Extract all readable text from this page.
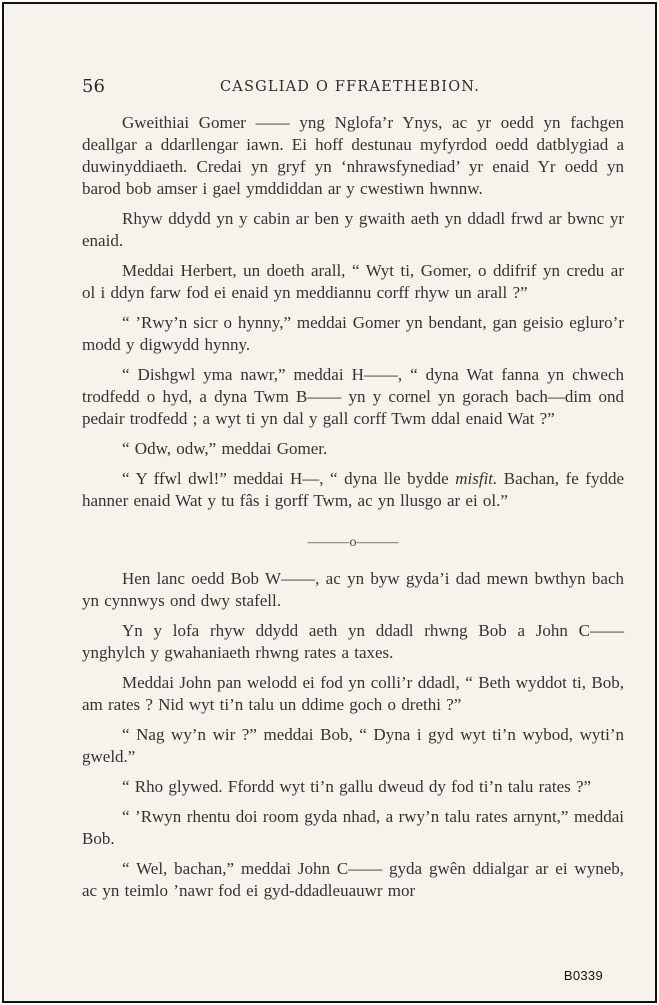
56	CASGLIAD O FFRAETHEBION.

Gweithiai Gomer —— yng Nglofa’r Ynys, ac yr oedd yn fachgen deallgar a ddarllengar iawn. Ei hoff destunau myfyrdod oedd datblygiad a duwinyddiaeth. Credai yn gryf yn ‘nhrawsfynediad’ yr enaid Yr oedd yn barod bob amser i gael ymddiddan ar y cwestiwn hwnnw.

Rhyw ddydd yn y cabin ar ben y gwaith aeth yn ddadl frwd ar bwnc yr enaid.

Meddai Herbert, un doeth arall, “ Wyt ti, Gomer, o ddifrif yn credu ar ol i ddyn farw fod ei enaid yn meddiannu corff rhyw un arall ?”

“ ’Rwy’n sicr o hynny,” meddai Gomer yn bendant, gan geisio egluro’r modd y digwydd hynny.

“ Dishgwl yma nawr,” meddai H——, “ dyna Wat fanna yn chwech trodfedd o hyd, a dyna Twm B—— yn y cornel yn gorach bach—dim ond pedair trodfedd ; a wyt ti yn dal y gall corff Twm ddal enaid Wat ?”

“ Odw, odw,” meddai Gomer.

“ Y ffwl dwl!” meddai H—, “ dyna lle bydde misfit. Bachan, fe fydde hanner enaid Wat y tu fâs i gorff Twm, ac yn llusgo ar ei ol.”

———o———

Hen lanc oedd Bob W——, ac yn byw gyda’i dad mewn bwthyn bach yn cynnwys ond dwy stafell.

Yn y lofa rhyw ddydd aeth yn ddadl rhwng Bob a John C—— ynghylch y gwahaniaeth rhwng rates a taxes.

Meddai John pan welodd ei fod yn colli’r ddadl, “ Beth wyddot ti, Bob, am rates ? Nid wyt ti’n talu un ddime goch o drethi ?”

“ Nag wy’n wir ?” meddai Bob, “ Dyna i gyd wyt ti’n wybod, wyti’n gweld.”

“ Rho glywed. Ffordd wyt ti’n gallu dweud dy fod ti’n talu rates ?”

“ ’Rwyn rhentu doi room gyda nhad, a rwy’n talu rates arnynt,” meddai Bob.

“ Wel, bachan,” meddai John C—— gyda gwên ddialgar ar ei wyneb, ac yn teimlo ’nawr fod ei gyd-ddadleuauwr mor

B0339
